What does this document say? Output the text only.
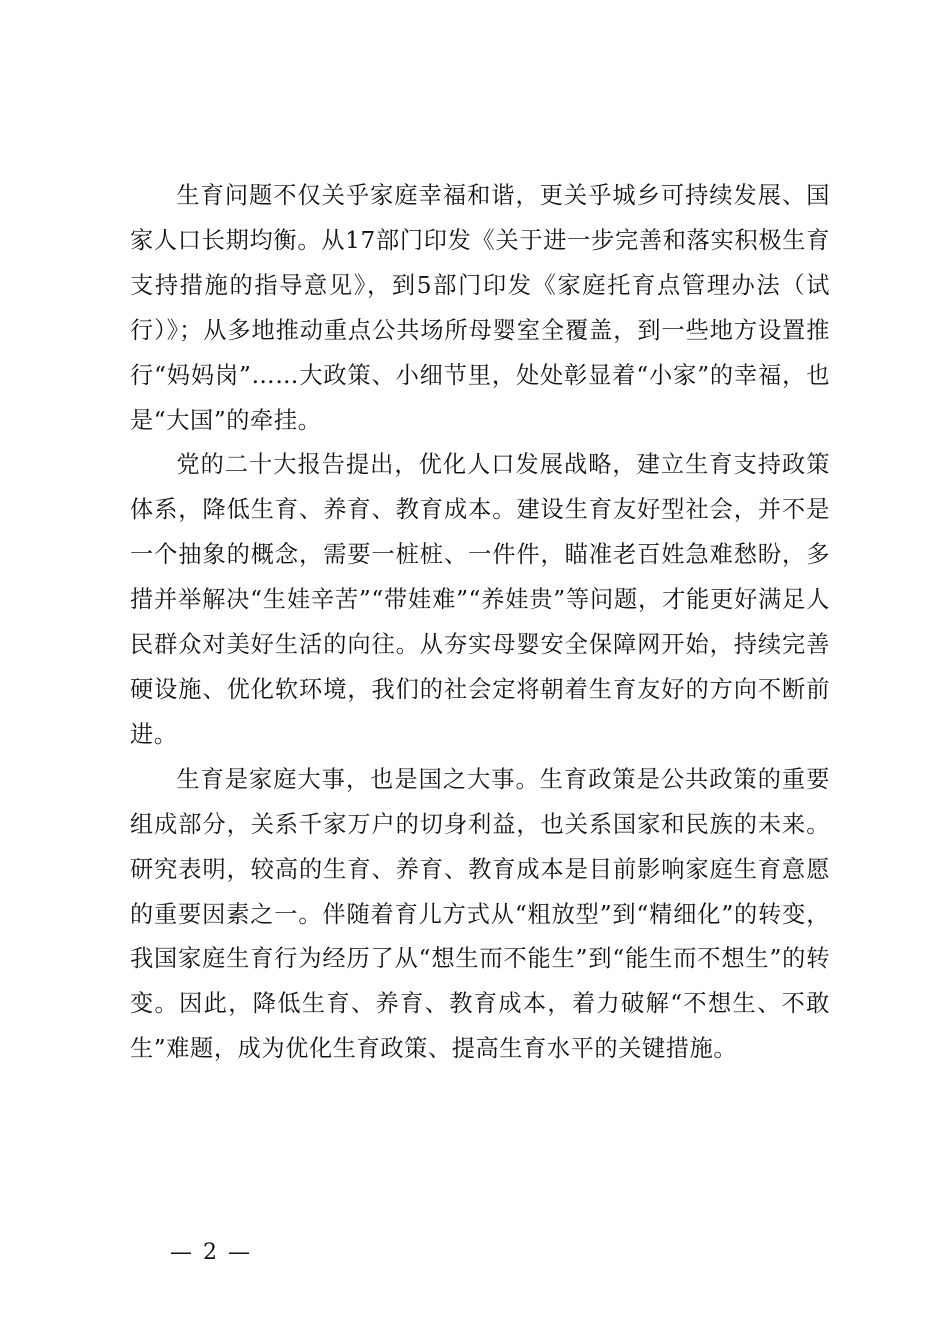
生育问题不仅关乎家庭幸福和谐，更关乎城乡可持续发展、国家人口长期均衡。从17部门印发《关于进一步完善和落实积极生育支持措施的指导意见》，到5部门印发《家庭托育点管理办法（试行）》；从多地推动重点公共场所母婴室全覆盖，到一些地方设置推行“妈妈岗”……大政策、小细节里，处处彰显着“小家”的幸福，也是“大国”的牵挂。

党的二十大报告提出，优化人口发展战略，建立生育支持政策体系，降低生育、养育、教育成本。建设生育友好型社会，并不是一个抽象的概念，需要一桩桩、一件件，瞄准老百姓急难愁盼，多措并举解决“生娃辛苦”“带娃难”“养娃贵”等问题，才能更好满足人民群众对美好生活的向往。从夯实母婴安全保障网开始，持续完善硬设施、优化软环境，我们的社会定将朝着生育友好的方向不断前进。

生育是家庭大事，也是国之大事。生育政策是公共政策的重要组成部分，关系千家万户的切身利益，也关系国家和民族的未来。研究表明，较高的生育、养育、教育成本是目前影响家庭生育意愿的重要因素之一。伴随着育儿方式从“粗放型”到“精细化”的转变，我国家庭生育行为经历了从“想生而不能生”到“能生而不想生”的转变。因此，降低生育、养育、教育成本，着力破解“不想生、不敢生”难题，成为优化生育政策、提高生育水平的关键措施。

— 2 —
